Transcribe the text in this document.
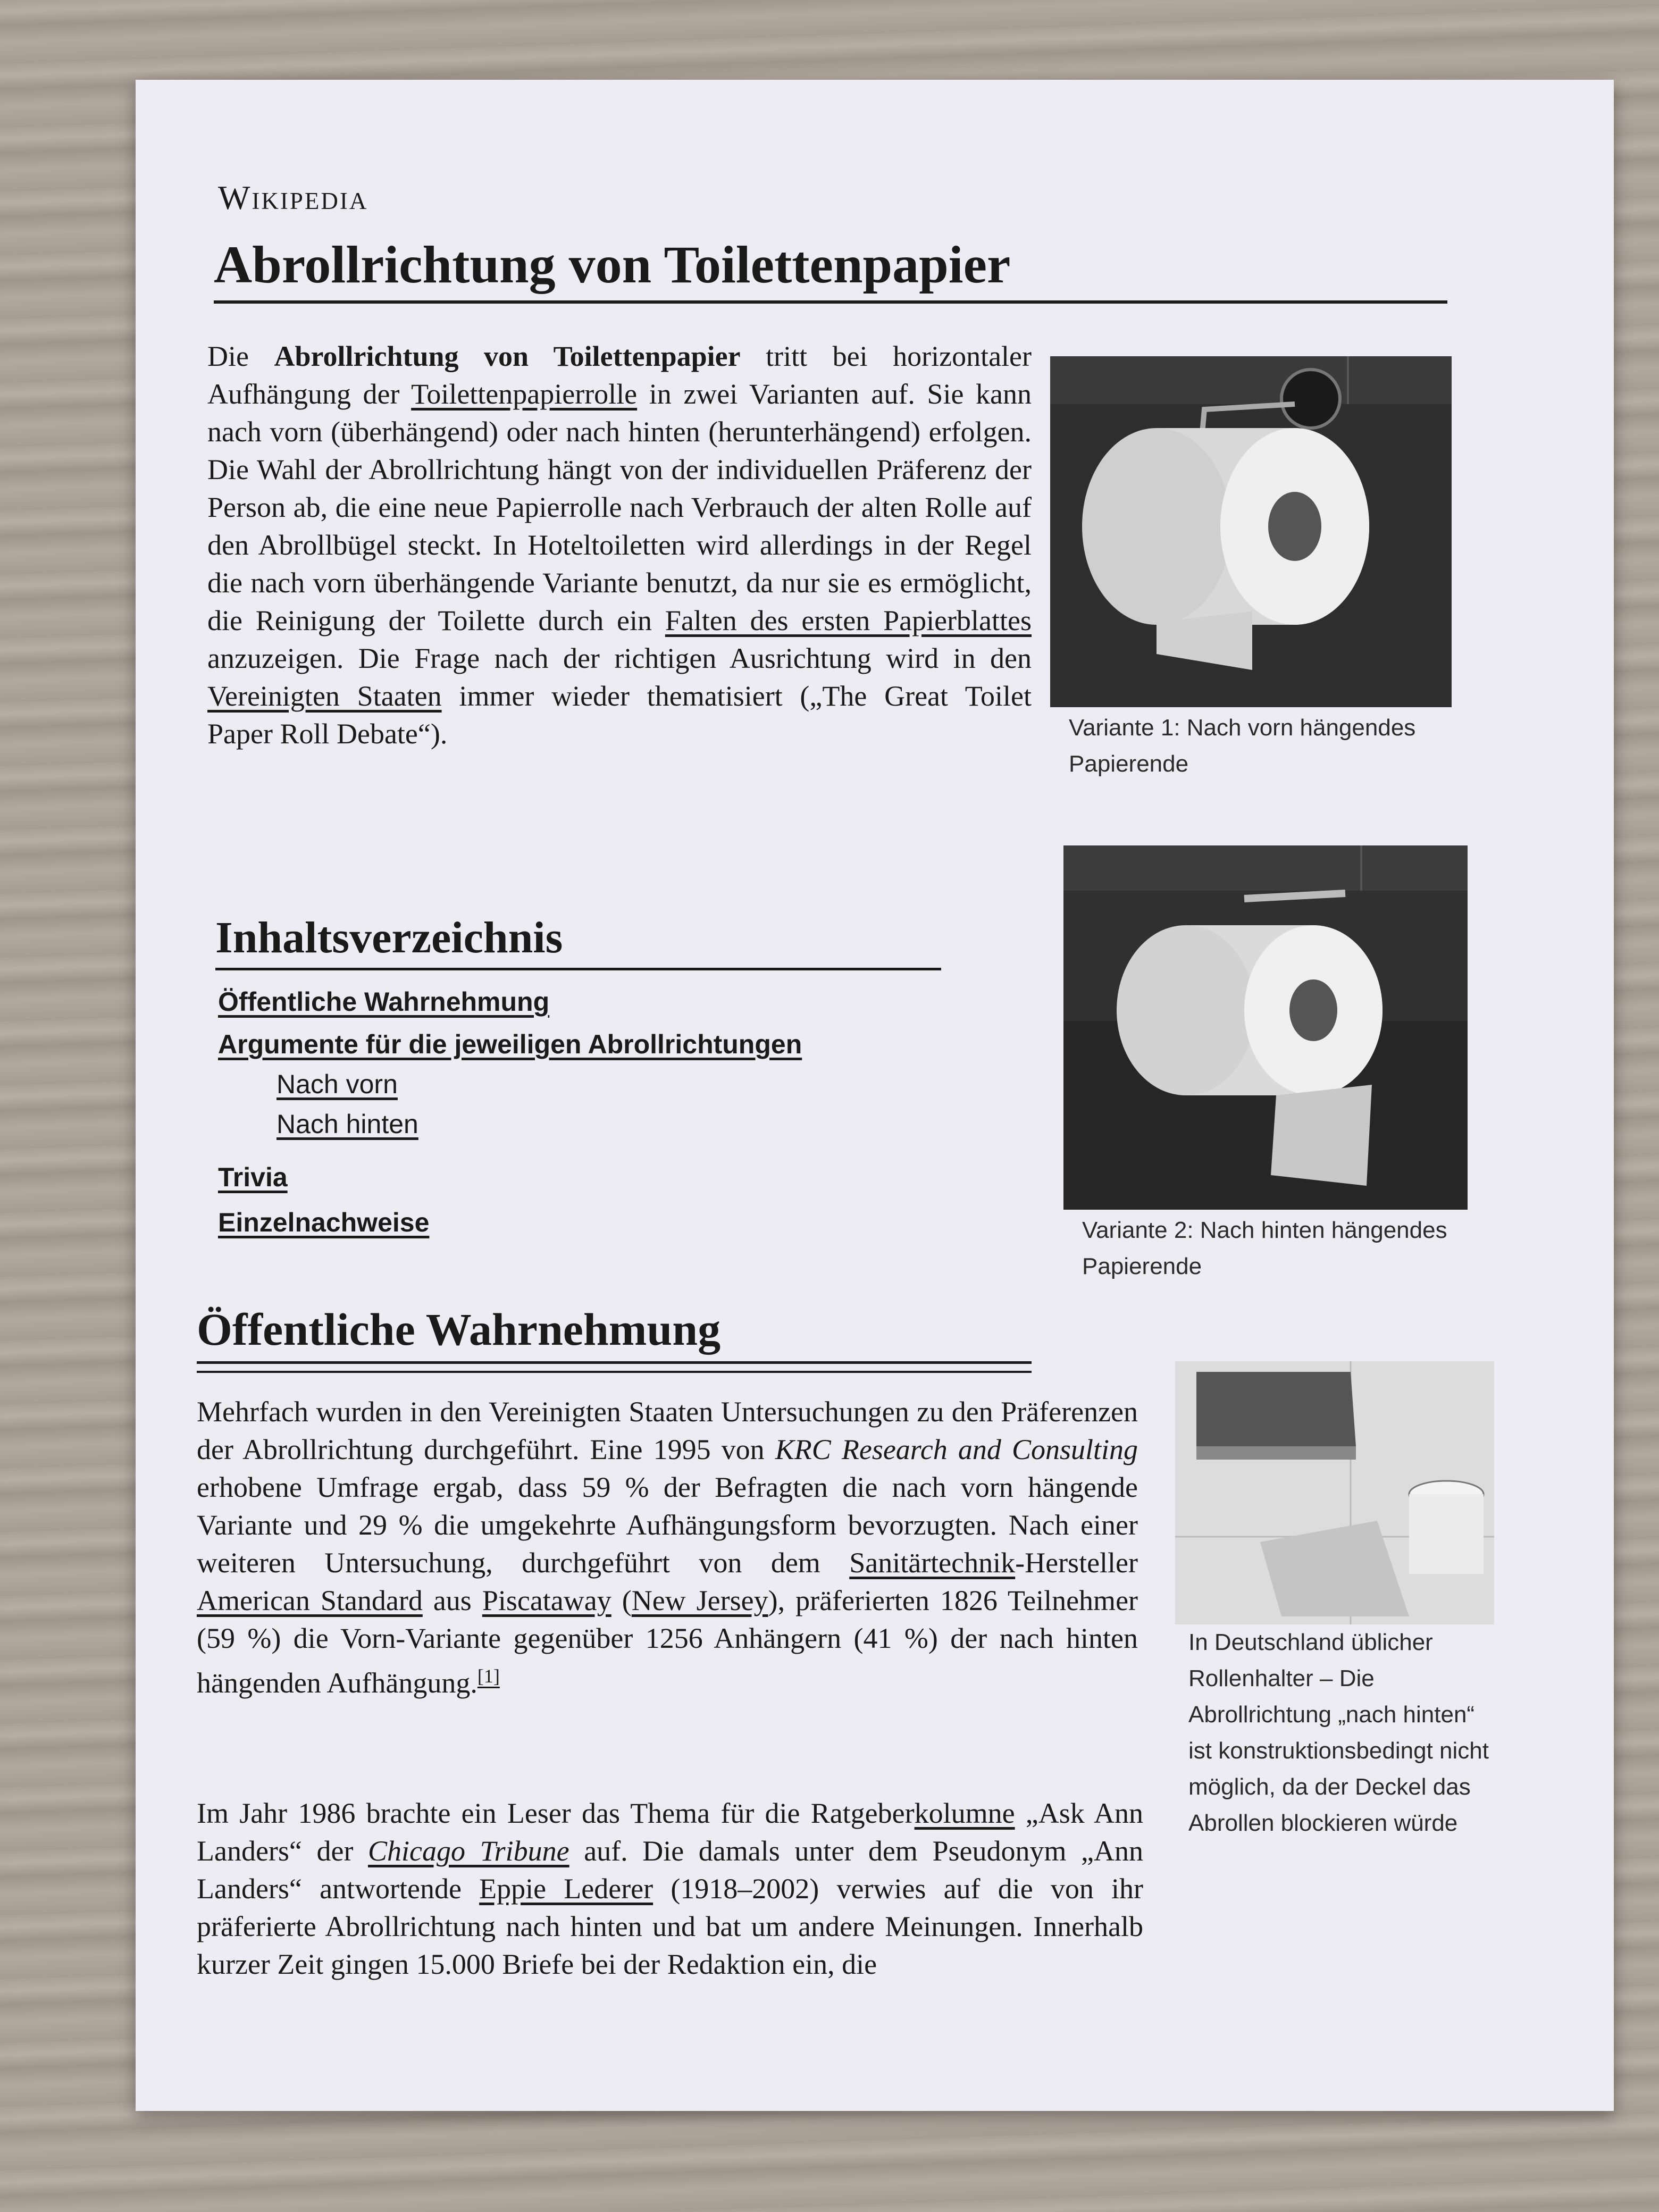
Wikipedia
Abrollrichtung von Toilettenpapier
Die Abrollrichtung von Toilettenpapier tritt bei horizontaler Aufhängung der Toilettenpapierrolle in zwei Varianten auf. Sie kann nach vorn (überhängend) oder nach hinten (herunterhängend) erfolgen. Die Wahl der Abrollrichtung hängt von der individuellen Präferenz der Person ab, die eine neue Papierrolle nach Verbrauch der alten Rolle auf den Abrollbügel steckt. In Hoteltoiletten wird allerdings in der Regel die nach vorn überhängende Variante benutzt, da nur sie es ermöglicht, die Reinigung der Toilette durch ein Falten des ersten Papierblattes anzuzeigen. Die Frage nach der richtigen Ausrichtung wird in den Vereinigten Staaten immer wieder thematisiert („The Great Toilet Paper Roll Debate“).	Variante 1: Nach vorn hängendes Papierende
Variante 2: Nach hinten hängendes Papierende
Inhaltsverzeichnis
Öffentliche Wahrnehmung
Argumente für die jeweiligen Abrollrichtungen
Nach vorn
Nach hinten
Trivia
Einzelnachweise
Öffentliche Wahrnehmung
Mehrfach wurden in den Vereinigten Staaten Untersuchungen zu den Präferenzen der Abrollrichtung durchgeführt. Eine 1995 von KRC Research and Consulting erhobene Umfrage ergab, dass 59 % der Befragten die nach vorn hängende Variante und 29 % die umgekehrte Aufhängungsform bevorzugten. Nach einer weiteren Untersuchung, durchgeführt von dem Sanitärtechnik-Hersteller American Standard aus Piscataway (New Jersey), präferierten 1826 Teilnehmer (59 %) die Vorn-Variante gegenüber 1256 Anhängern (41 %) der nach hinten hängenden Aufhängung.[1]
In Deutschland üblicher Rollenhalter – Die Abrollrichtung „nach hinten“ ist konstruktionsbedingt nicht möglich, da der Deckel das Abrollen blockieren würde
Im Jahr 1986 brachte ein Leser das Thema für die Ratgeberkolumne „Ask Ann Landers“ der Chicago Tribune auf. Die damals unter dem Pseudonym „Ann Landers“ antwortende Eppie Lederer (1918–2002) verwies auf die von ihr präferierte Abrollrichtung nach hinten und bat um andere Meinungen. Innerhalb kurzer Zeit gingen 15.000 Briefe bei der Redaktion ein, die
